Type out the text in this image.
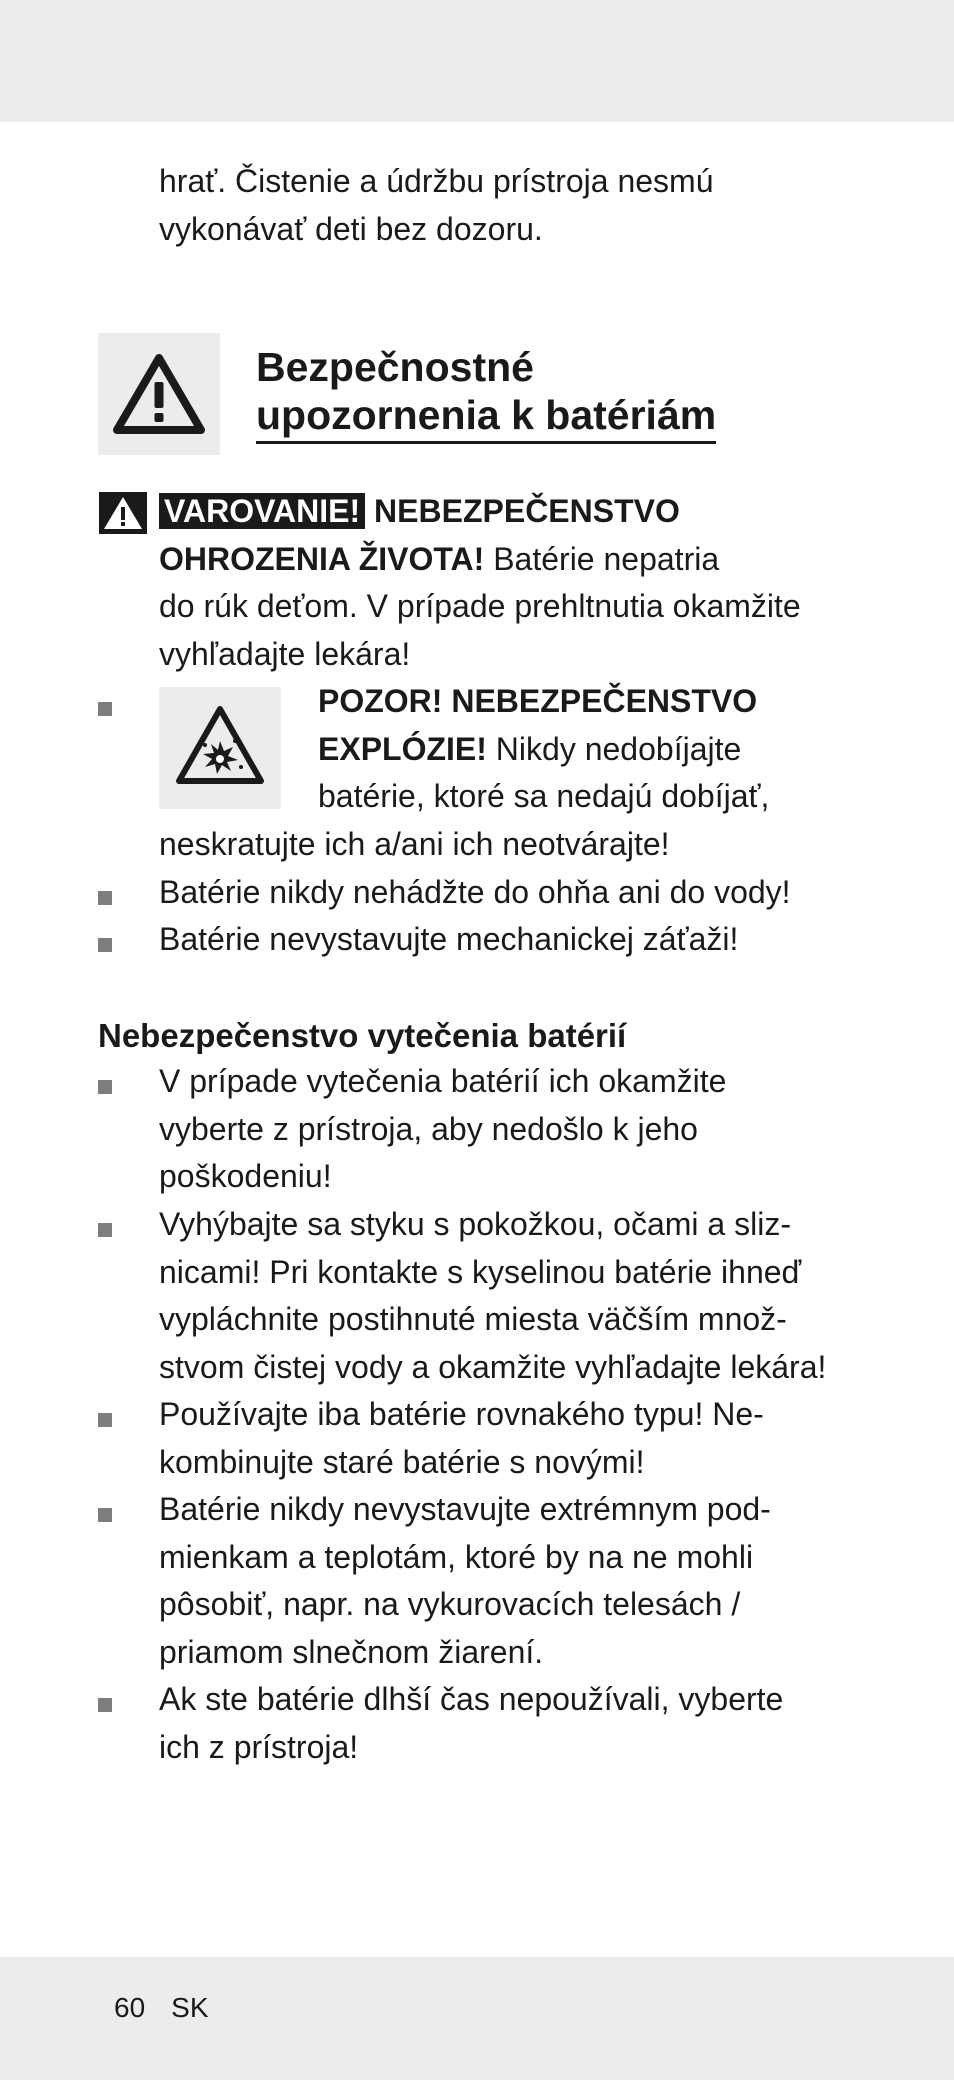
hrať. Čistenie a údržbu prístroja nesmú
vykonávať deti bez dozoru.
Bezpečnostné
upozornenia k batériám
VAROVANIE! NEBEZPEČENSTVO
OHROZENIA ŽIVOTA! Batérie nepatria
do rúk deťom. V prípade prehltnutia okamžite
vyhľadajte lekára!
POZOR! NEBEZPEČENSTVO
EXPLÓZIE! Nikdy nedobíjajte
batérie, ktoré sa nedajú dobíjať,
neskratujte ich a/ani ich neotvárajte!
Batérie nikdy nehádžte do ohňa ani do vody!
Batérie nevystavujte mechanickej záťaži!
Nebezpečenstvo vytečenia batérií
V prípade vytečenia batérií ich okamžite
vyberte z prístroja, aby nedošlo k jeho
poškodeniu!
Vyhýbajte sa styku s pokožkou, očami a sliz-
nicami! Pri kontakte s kyselinou batérie ihneď
vypláchnite postihnuté miesta väčším množ-
stvom čistej vody a okamžite vyhľadajte lekára!
Používajte iba batérie rovnakého typu! Ne-
kombinujte staré batérie s novými!
Batérie nikdy nevystavujte extrémnym pod-
mienkam a teplotám, ktoré by na ne mohli
pôsobiť, napr. na vykurovacích telesách /
priamom slnečnom žiarení.
Ak ste batérie dlhší čas nepoužívali, vyberte
ich z prístroja!
60 SK
